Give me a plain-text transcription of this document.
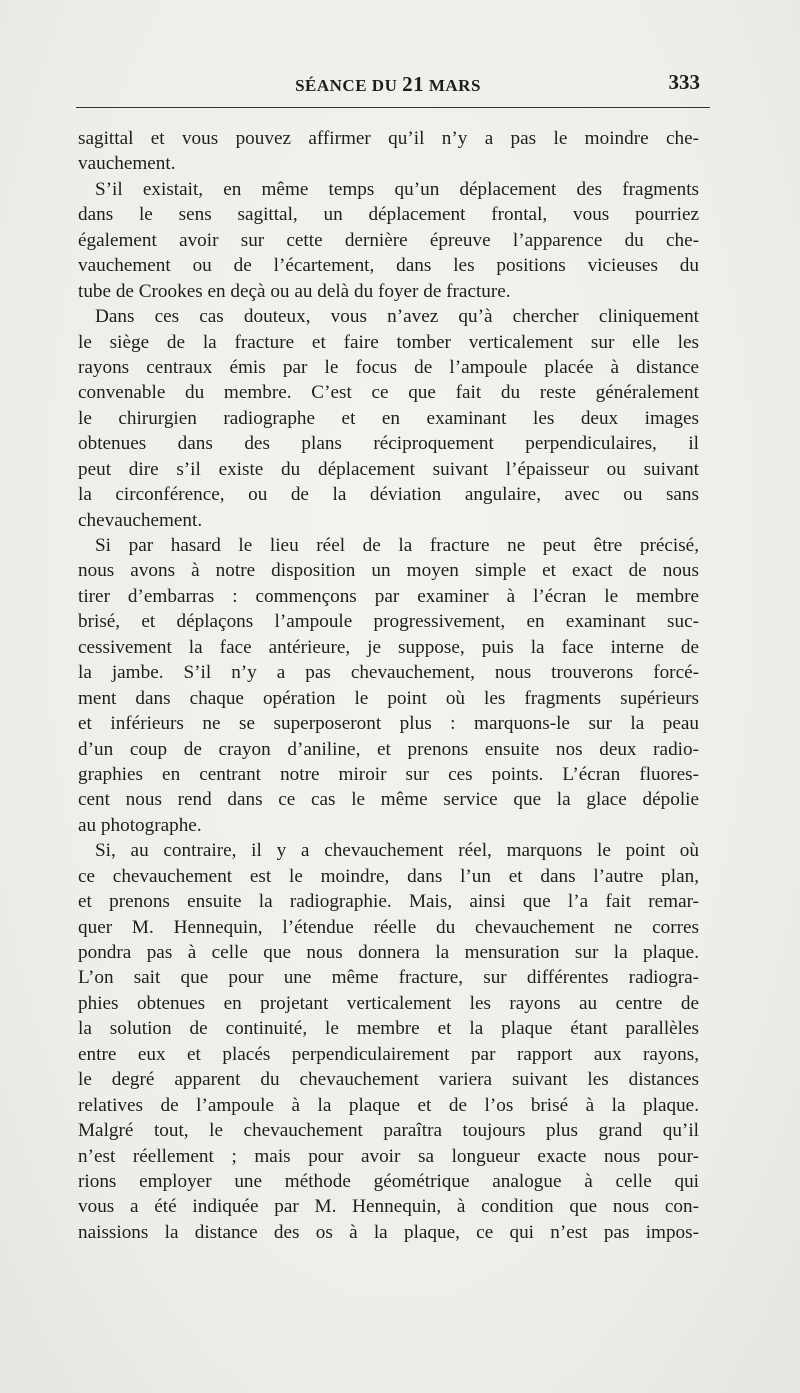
SÉANCE DU 21 MARS	333
sagittal et vous pouvez affirmer qu’il n’y a pas le moindre che-
vauchement.
S’il existait, en même temps qu’un déplacement des fragments
dans le sens sagittal, un déplacement frontal, vous pourriez
également avoir sur cette dernière épreuve l’apparence du che-
vauchement ou de l’écartement, dans les positions vicieuses du
tube de Crookes en deçà ou au delà du foyer de fracture.
Dans ces cas douteux, vous n’avez qu’à chercher cliniquement
le siège de la fracture et faire tomber verticalement sur elle les
rayons centraux émis par le focus de l’ampoule placée à distance
convenable du membre. C’est ce que fait du reste généralement
le chirurgien radiographe et en examinant les deux images
obtenues dans des plans réciproquement perpendiculaires, il
peut dire s’il existe du déplacement suivant l’épaisseur ou suivant
la circonférence, ou de la déviation angulaire, avec ou sans
chevauchement.
Si par hasard le lieu réel de la fracture ne peut être précisé,
nous avons à notre disposition un moyen simple et exact de nous
tirer d’embarras : commençons par examiner à l’écran le membre
brisé, et déplaçons l’ampoule progressivement, en examinant suc-
cessivement la face antérieure, je suppose, puis la face interne de
la jambe. S’il n’y a pas chevauchement, nous trouverons forcé-
ment dans chaque opération le point où les fragments supérieurs
et inférieurs ne se superposeront plus : marquons-le sur la peau
d’un coup de crayon d’aniline, et prenons ensuite nos deux radio-
graphies en centrant notre miroir sur ces points. L’écran fluores-
cent nous rend dans ce cas le même service que la glace dépolie
au photographe.
Si, au contraire, il y a chevauchement réel, marquons le point où
ce chevauchement est le moindre, dans l’un et dans l’autre plan,
et prenons ensuite la radiographie. Mais, ainsi que l’a fait remar-
quer M. Hennequin, l’étendue réelle du chevauchement ne corres
pondra pas à celle que nous donnera la mensuration sur la plaque.
L’on sait que pour une même fracture, sur différentes radiogra-
phies obtenues en projetant verticalement les rayons au centre de
la solution de continuité, le membre et la plaque étant parallèles
entre eux et placés perpendiculairement par rapport aux rayons,
le degré apparent du chevauchement variera suivant les distances
relatives de l’ampoule à la plaque et de l’os brisé à la plaque.
Malgré tout, le chevauchement paraîtra toujours plus grand qu’il
n’est réellement ; mais pour avoir sa longueur exacte nous pour-
rions employer une méthode géométrique analogue à celle qui
vous a été indiquée par M. Hennequin, à condition que nous con-
naissions la distance des os à la plaque, ce qui n’est pas impos-
